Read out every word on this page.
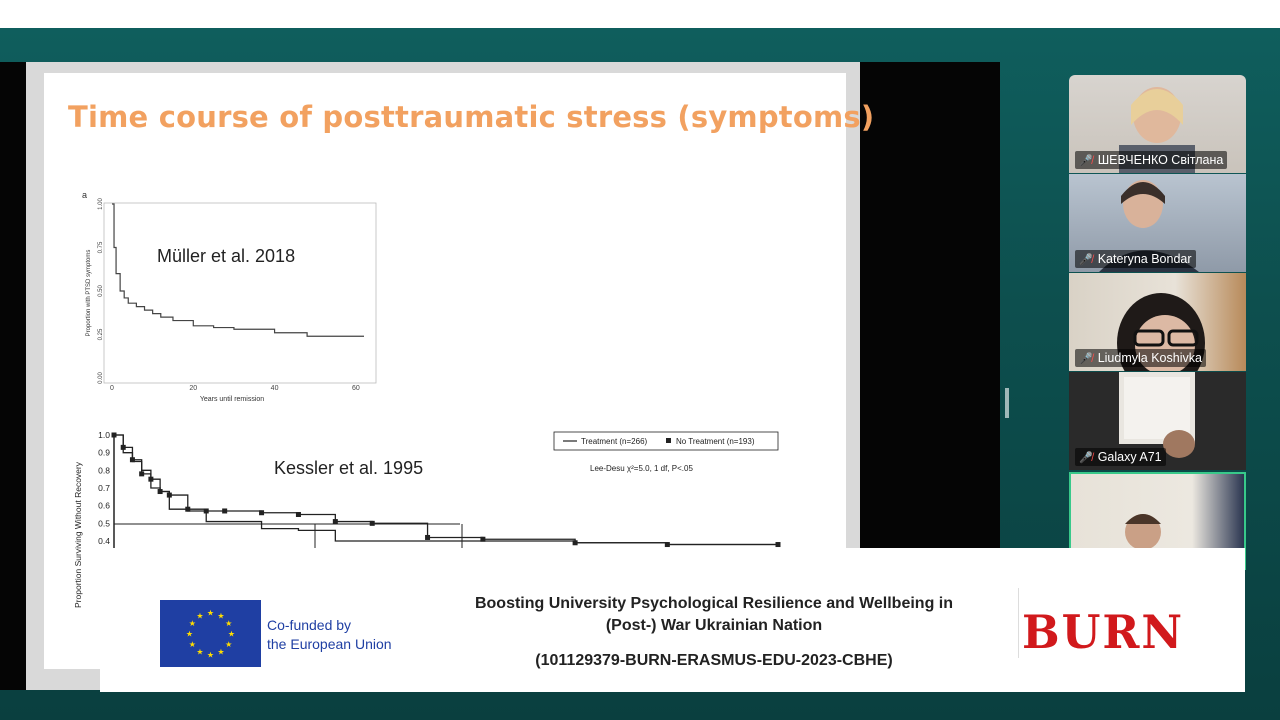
Time course of posttraumatic stress (symptoms)
a
0.00
0.25
0.50
0.75
1.00
0	20	40	60
Years until remission
Proportion with PTSD symptoms	Müller et al. 2018
1.0
0.9
0.8
0.7
0.6
0.5
0.4
Treatment (n=266)	No Treatment (n=193)
Lee-Desu χ²=5.0, 1 df, P<.05
Proportion Surviving Without Recovery	Kessler et al. 1995
🎤̸ ШЕВЧЕНКО Світлана
🎤̸ Kateryna Bondar
🎤̸ Liudmyla Koshivka
🎤̸ Galaxy A71
★ ★
★
★
★
★
★
★
★
★
★
★
Co-funded by
the European Union
Boosting University Psychological Resilience and Wellbeing in
(Post-) War Ukrainian Nation
(101129379-BURN-ERASMUS-EDU-2023-CBHE)
BURN
